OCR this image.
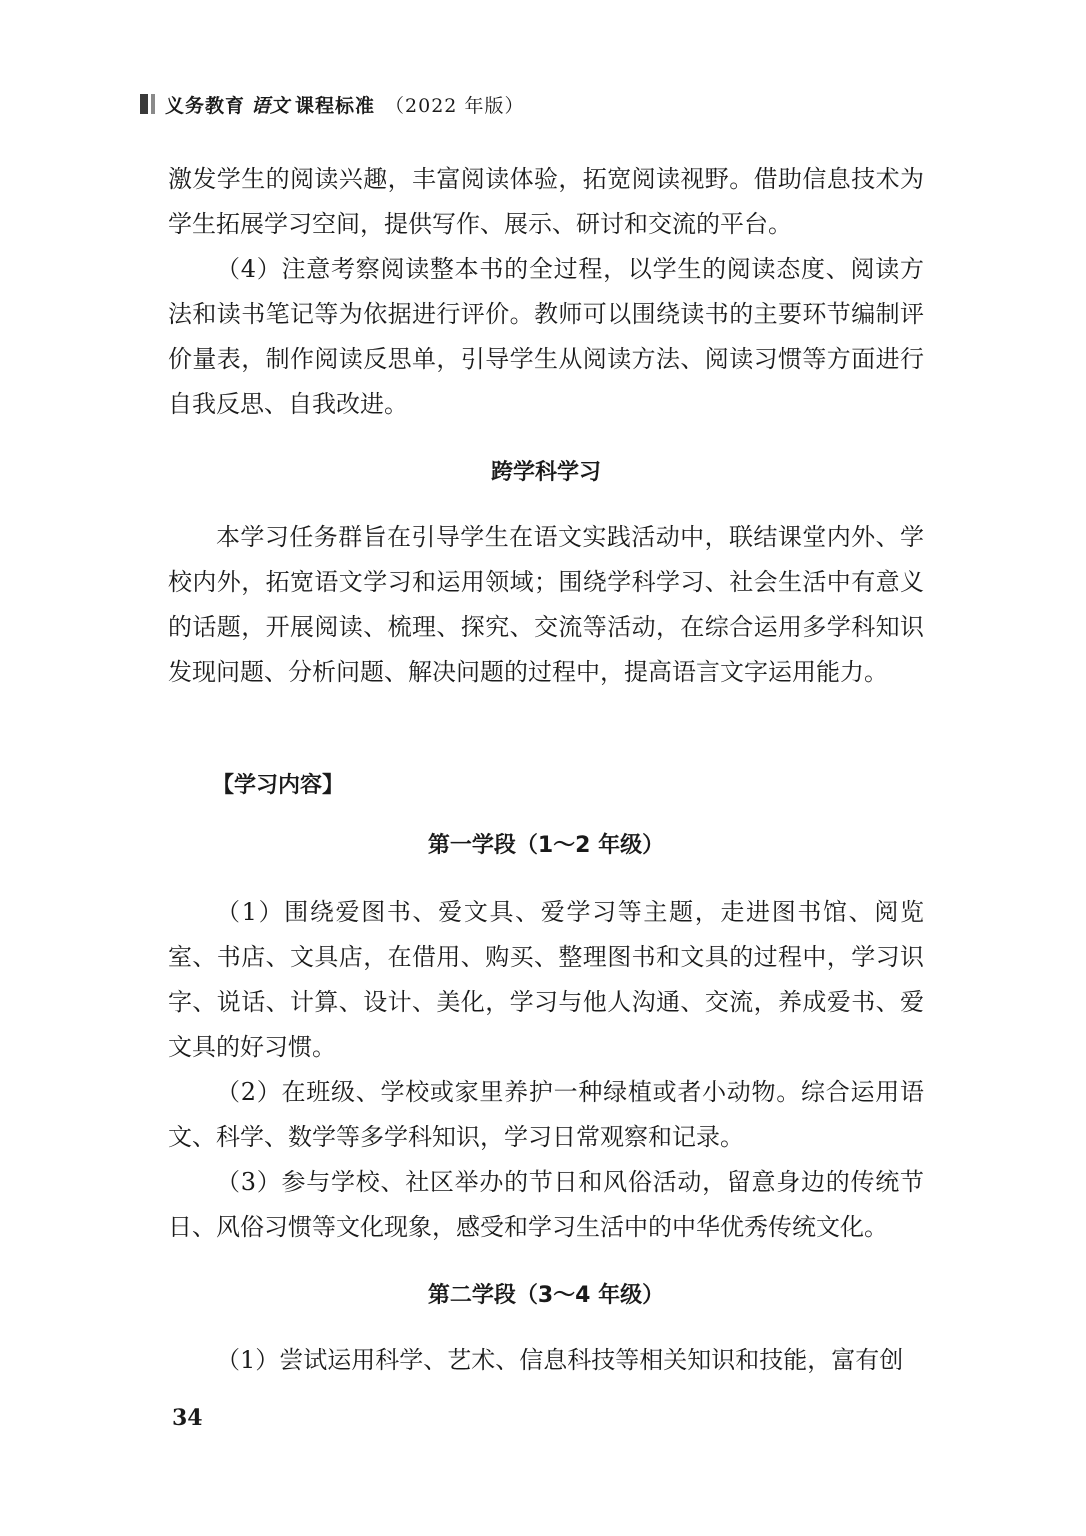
义务教育 语文 课程标准 （2022 年版）

激发学生的阅读兴趣，丰富阅读体验，拓宽阅读视野。借助信息技术为学生拓展学习空间，提供写作、展示、研讨和交流的平台。

（4）注意考察阅读整本书的全过程，以学生的阅读态度、阅读方法和读书笔记等为依据进行评价。教师可以围绕读书的主要环节编制评价量表，制作阅读反思单，引导学生从阅读方法、阅读习惯等方面进行自我反思、自我改进。

跨学科学习

本学习任务群旨在引导学生在语文实践活动中，联结课堂内外、学校内外，拓宽语文学习和运用领域；围绕学科学习、社会生活中有意义的话题，开展阅读、梳理、探究、交流等活动，在综合运用多学科知识发现问题、分析问题、解决问题的过程中，提高语言文字运用能力。

【学习内容】
第一学段（1～2 年级）

（1）围绕爱图书、爱文具、爱学习等主题，走进图书馆、阅览室、书店、文具店，在借用、购买、整理图书和文具的过程中，学习识字、说话、计算、设计、美化，学习与他人沟通、交流，养成爱书、爱文具的好习惯。

（2）在班级、学校或家里养护一种绿植或者小动物。综合运用语文、科学、数学等多学科知识，学习日常观察和记录。

（3）参与学校、社区举办的节日和风俗活动，留意身边的传统节日、风俗习惯等文化现象，感受和学习生活中的中华优秀传统文化。

第二学段（3～4 年级）

（1）尝试运用科学、艺术、信息科技等相关知识和技能，富有创

34
